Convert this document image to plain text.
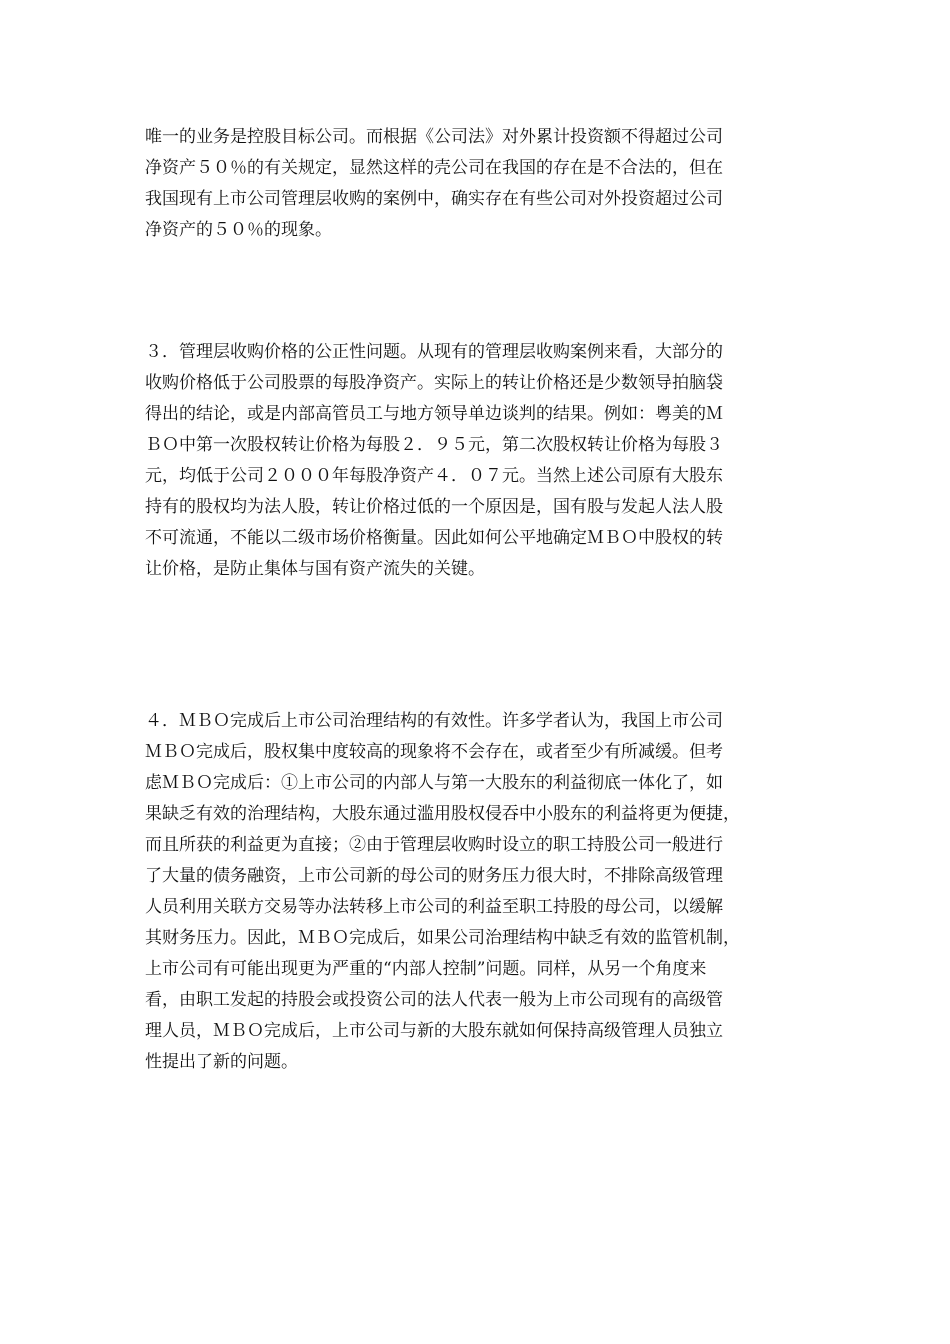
唯一的业务是控股目标公司。而根据《公司法》对外累计投资额不得超过公司
净资产５０％的有关规定，显然这样的壳公司在我国的存在是不合法的，但在
我国现有上市公司管理层收购的案例中，确实存在有些公司对外投资超过公司
净资产的５０％的现象。
３．管理层收购价格的公正性问题。从现有的管理层收购案例来看，大部分的
收购价格低于公司股票的每股净资产。实际上的转让价格还是少数领导拍脑袋
得出的结论，或是内部高管员工与地方领导单边谈判的结果。例如：粤美的Ｍ
ＢＯ中第一次股权转让价格为每股２．９５元，第二次股权转让价格为每股３
元，均低于公司２０００年每股净资产４．０７元。当然上述公司原有大股东
持有的股权均为法人股，转让价格过低的一个原因是，国有股与发起人法人股
不可流通，不能以二级市场价格衡量。因此如何公平地确定ＭＢＯ中股权的转
让价格，是防止集体与国有资产流失的关键。
４．ＭＢＯ完成后上市公司治理结构的有效性。许多学者认为，我国上市公司
ＭＢＯ完成后，股权集中度较高的现象将不会存在，或者至少有所减缓。但考
虑ＭＢＯ完成后：①上市公司的内部人与第一大股东的利益彻底一体化了，如
果缺乏有效的治理结构，大股东通过滥用股权侵吞中小股东的利益将更为便捷，
而且所获的利益更为直接；②由于管理层收购时设立的职工持股公司一般进行
了大量的债务融资，上市公司新的母公司的财务压力很大时，不排除高级管理
人员利用关联方交易等办法转移上市公司的利益至职工持股的母公司，以缓解
其财务压力。因此，ＭＢＯ完成后，如果公司治理结构中缺乏有效的监管机制，
上市公司有可能出现更为严重的“内部人控制”问题。同样，从另一个角度来
看，由职工发起的持股会或投资公司的法人代表一般为上市公司现有的高级管
理人员，ＭＢＯ完成后，上市公司与新的大股东就如何保持高级管理人员独立
性提出了新的问题。
